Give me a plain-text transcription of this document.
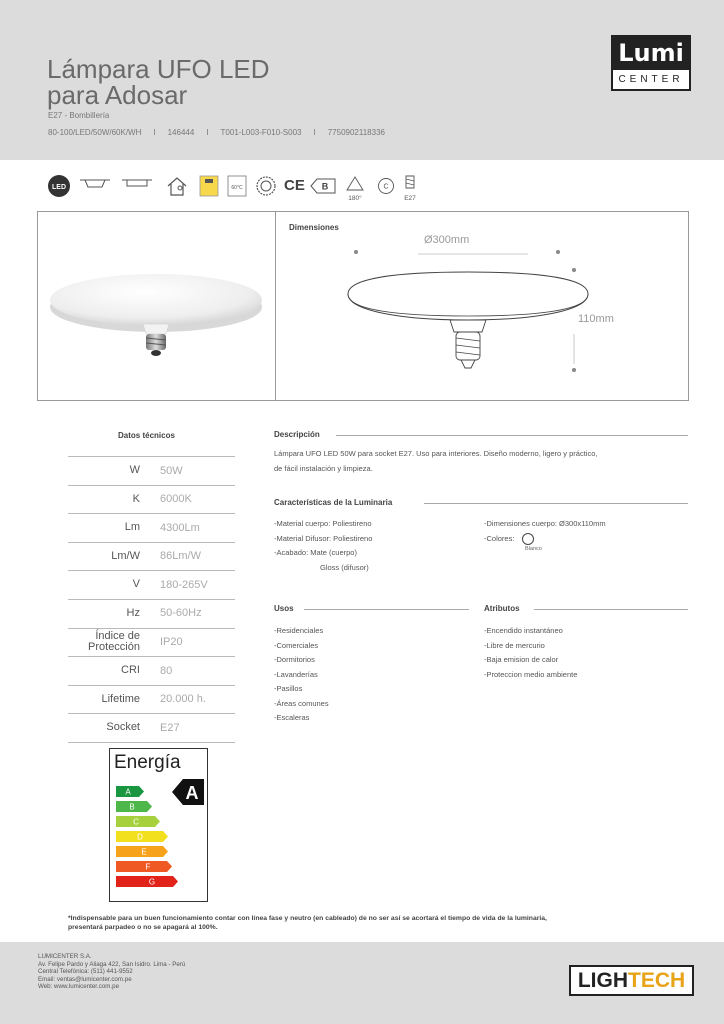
Lámpara UFO LED
para Adosar
E27 - Bombillería
80-100/LED/50W/60K/WH I 146444 I T001-L003-F010-S003 I 7750902118336
Lumi
CENTER
LED	60°C	CE	B
180°
C
E27
Dimensiones
Ø300mm
110mm
Datos técnicos
W 50W
K 6000K
Lm 4300Lm
Lm/W 86Lm/W
V 180-265V
Hz 50-60Hz
Índice de Protección IP20
CRI 80
Lifetime 20.000 h.
Socket E27
Descripción
Lámpara UFO LED 50W para socket E27. Uso para interiores. Diseño moderno, ligero y práctico,
de fácil instalación y limpieza.
Características de la Luminaria
-Material cuerpo: Poliestireno
-Material Difusor: Poliestireno
-Acabado: Mate (cuerpo)
Gloss (difusor)
-Dimensiones cuerpo: Ø300x110mm
-Colores:
Blanco
Usos
-Residenciales
-Comerciales
-Dormitorios
-Lavanderías
-Pasillos
-Áreas comunes
-Escaleras
Atributos
-Encendido instantáneo
-Libre de mercurio
-Baja emision de calor
-Proteccion medio ambiente
Energía
A
A
B
C
D
E
F
G
*Indispensable para un buen funcionamiento contar con línea fase y neutro (en cableado) de no ser así se acortará el tiempo de vida de la luminaria,
presentará parpadeo o no se apagará al 100%.
LUMICENTER S.A.
Av. Felipe Pardo y Aliaga 422, San Isidro. Lima - Perú
Central Telefónica: (511) 441-9552
Email: ventas@lumicenter.com.pe
Web: www.lumicenter.com.pe	LIGHTECH
